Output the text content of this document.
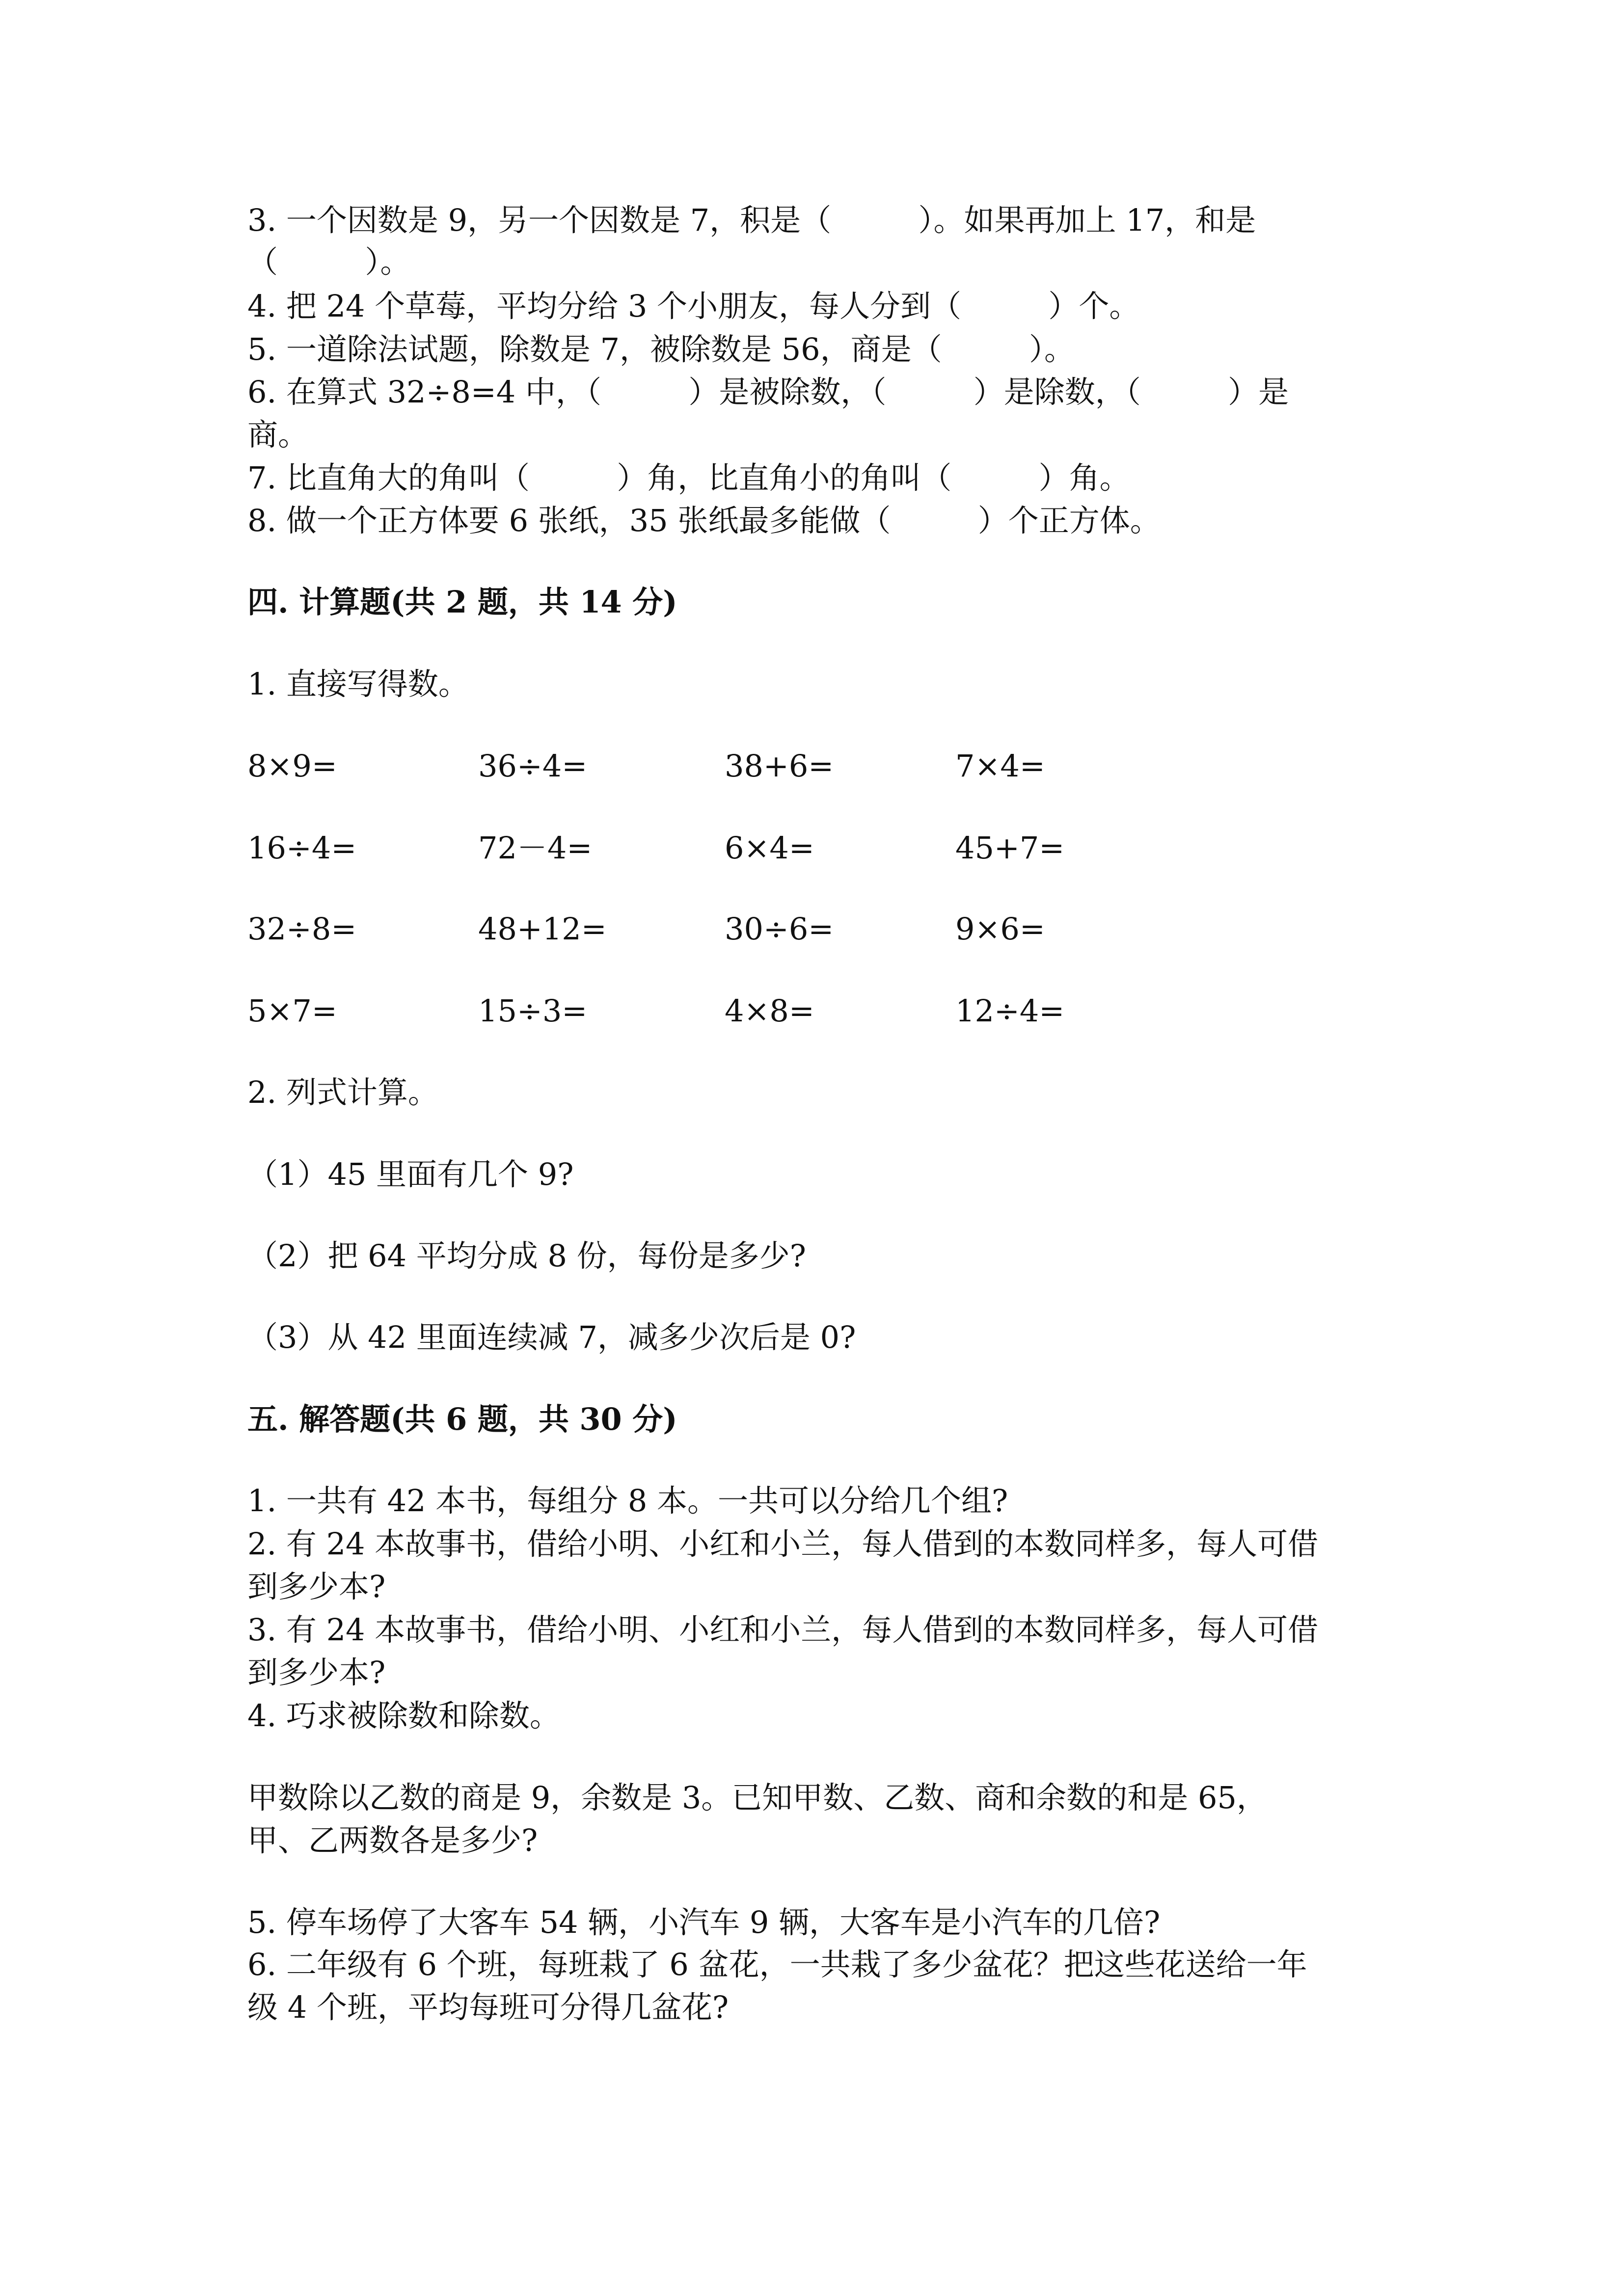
3. 一个因数是 9，另一个因数是 7，积是（         ）。如果再加上 17，和是
（         ）。
4. 把 24 个草莓，平均分给 3 个小朋友，每人分到（         ）个。
5. 一道除法试题，除数是 7，被除数是 56，商是（         ）。
6. 在算式 32÷8=4 中，（         ）是被除数，（         ）是除数，（         ）是
商。
7. 比直角大的角叫（         ）角，比直角小的角叫（         ）角。
8. 做一个正方体要 6 张纸，35 张纸最多能做（         ）个正方体。
四. 计算题(共 2 题，共 14 分)
1. 直接写得数。
8×9=	36÷4=	38+6=	7×4=
16÷4=	72－4=	6×4=	45+7=
32÷8=	48+12=	30÷6=	9×6=
5×7=	15÷3=	4×8=	12÷4=
2. 列式计算。
（1）45 里面有几个 9?
（2）把 64 平均分成 8 份，每份是多少?
（3）从 42 里面连续减 7，减多少次后是 0?
五. 解答题(共 6 题，共 30 分)
1. 一共有 42 本书，每组分 8 本。一共可以分给几个组?
2. 有 24 本故事书，借给小明、小红和小兰，每人借到的本数同样多，每人可借
到多少本?
3. 有 24 本故事书，借给小明、小红和小兰，每人借到的本数同样多，每人可借
到多少本?
4. 巧求被除数和除数。
甲数除以乙数的商是 9，余数是 3。已知甲数、乙数、商和余数的和是 65，
甲、乙两数各是多少?
5. 停车场停了大客车 54 辆，小汽车 9 辆，大客车是小汽车的几倍?
6. 二年级有 6 个班，每班栽了 6 盆花，一共栽了多少盆花？把这些花送给一年
级 4 个班，平均每班可分得几盆花?
